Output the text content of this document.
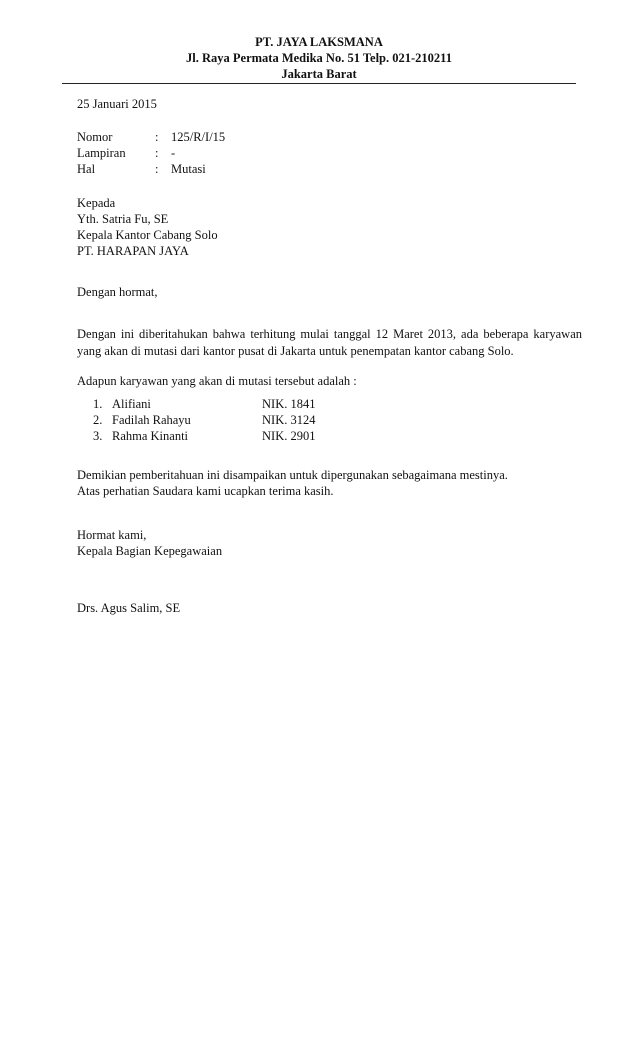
PT. JAYA LAKSMANA
Jl. Raya Permata Medika No. 51 Telp. 021-210211
Jakarta Barat
25 Januari 2015
Nomor	: 125/R/I/15
Lampiran : -
Hal	: Mutasi
Kepada
Yth. Satria Fu, SE
Kepala Kantor Cabang Solo
PT. HARAPAN JAYA
Dengan hormat,
Dengan ini diberitahukan bahwa terhitung mulai tanggal 12 Maret 2013, ada beberapa karyawan yang akan di mutasi dari kantor pusat di Jakarta untuk penempatan kantor cabang Solo.
Adapun karyawan yang akan di mutasi tersebut adalah :
1. Alifiani	NIK. 1841
2. Fadilah Rahayu	NIK. 3124
3. Rahma Kinanti	NIK. 2901
Demikian pemberitahuan ini disampaikan untuk dipergunakan sebagaimana mestinya.
Atas perhatian Saudara kami ucapkan terima kasih.
Hormat kami,
Kepala Bagian Kepegawaian
Drs. Agus Salim, SE
